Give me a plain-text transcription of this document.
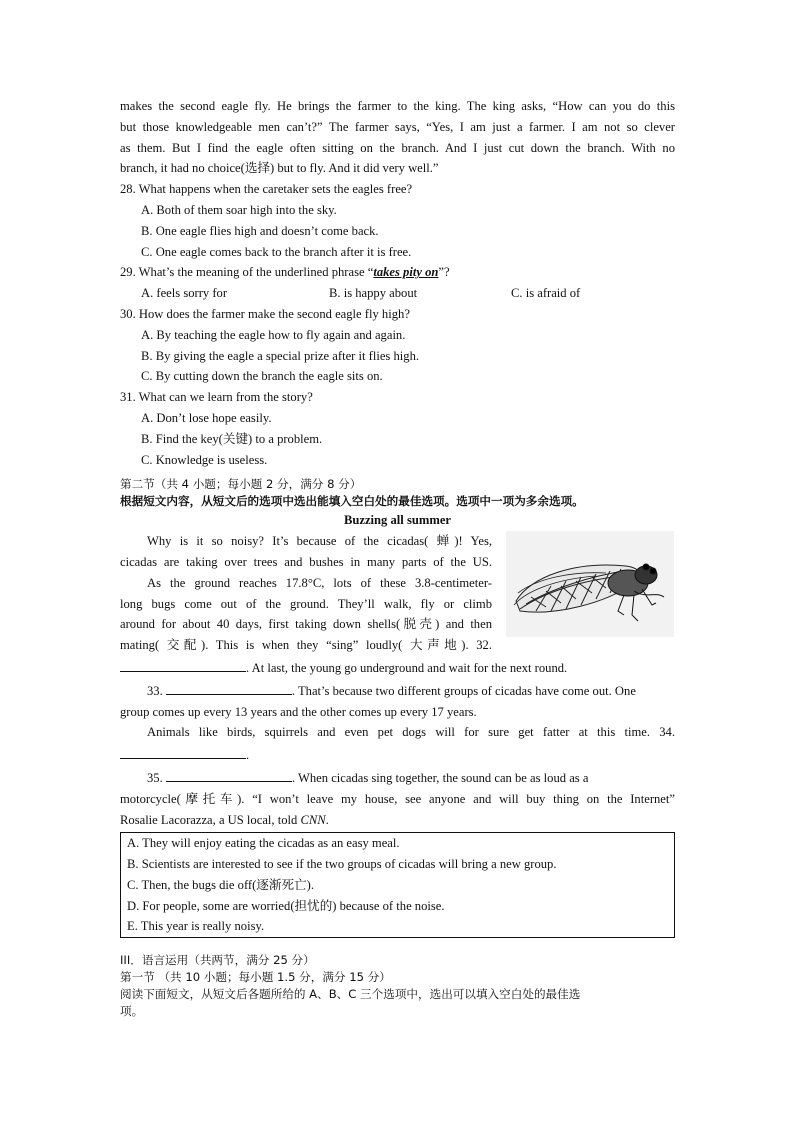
makes the second eagle fly. He brings the farmer to the king. The king asks, “How can you do this
but those knowledgeable men can’t?” The farmer says, “Yes, I am just a farmer. I am not so clever
as them. But I find the eagle often sitting on the branch. And I just cut down the branch. With no
branch, it had no choice(选择) but to fly. And it did very well.”
28. What happens when the caretaker sets the eagles free?
A. Both of them soar high into the sky.
B. One eagle flies high and doesn’t come back.
C. One eagle comes back to the branch after it is free.
29. What’s the meaning of the underlined phrase “takes pity on”?
A. feels sorry for	B. is happy about	C. is afraid of
30. How does the farmer make the second eagle fly high?
A. By teaching the eagle how to fly again and again.
B. By giving the eagle a special prize after it flies high.
C. By cutting down the branch the eagle sits on.
31. What can we learn from the story?
A. Don’t lose hope easily.
B. Find the key(关键) to a problem.
C. Knowledge is useless.
第二节（共 4 小题；每小题 2 分，满分 8 分）
根据短文内容，从短文后的选项中选出能填入空白处的最佳选项。选项中一项为多余选项。
Buzzing all summer
Why is it so noisy? It’s because of the cicadas( 蝉)! Yes,
cicadas are taking over trees and bushes in many parts of the US.
As the ground reaches 17.8°C, lots of these 3.8-centimeter-
long bugs come out of the ground. They’ll walk, fly or climb
around for about 40 days, first taking down shells(脱壳) and then
mating( 交配). This is when they “sing” loudly( 大声地). 32.
. At last, the young go underground and wait for the next round.
33.	. That’s because two different groups of cicadas have come out. One
group comes up every 13 years and the other comes up every 17 years.
Animals like birds, squirrels and even pet dogs will for sure get fatter at this time. 34.
.
35.	. When cicadas sing together, the sound can be as loud as a
motorcycle(摩托车). “I won’t leave my house, see anyone and will buy thing on the Internet”
Rosalie Lacorazza, a US local, told CNN.
A. They will enjoy eating the cicadas as an easy meal.
B. Scientists are interested to see if the two groups of cicadas will bring a new group.
C. Then, the bugs die off(逐渐死亡).
D. For people, some are worried(担忧的) because of the noise.
E. This year is really noisy.
III．语言运用（共两节，满分 25 分）
第一节 （共 10 小题；每小题 1.5 分，满分 15 分）
阅读下面短文，从短文后各题所给的 A、B、C 三个选项中，选出可以填入空白处的最佳选
项。
